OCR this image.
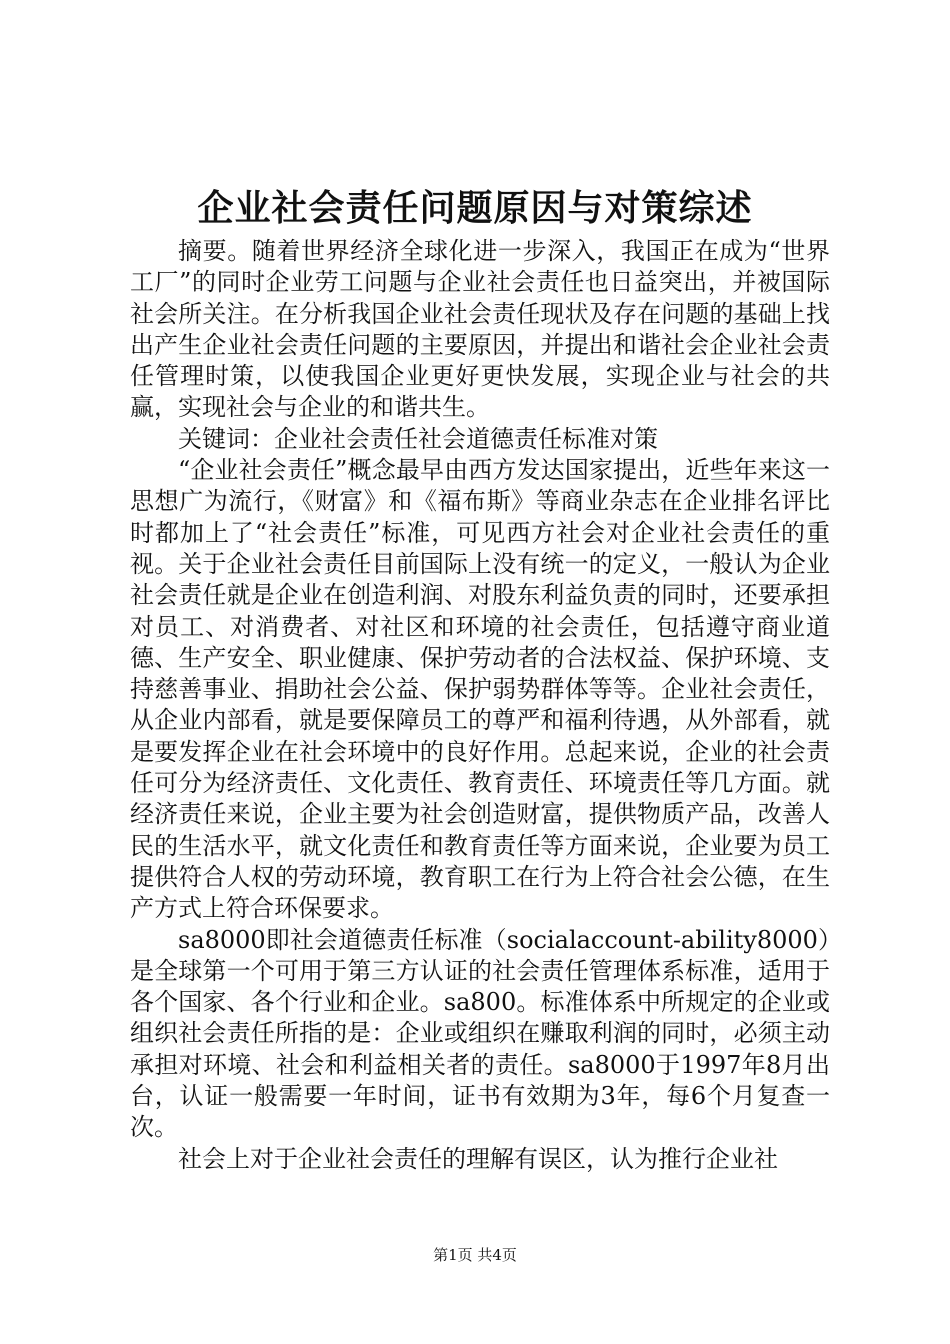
企业社会责任问题原因与对策综述

摘要。随着世界经济全球化进一步深入，我国正在成为“世界工厂”的同时企业劳工问题与企业社会责任也日益突出，并被国际社会所关注。在分析我国企业社会责任现状及存在问题的基础上找出产生企业社会责任问题的主要原因，并提出和谐社会企业社会责任管理时策，以使我国企业更好更快发展，实现企业与社会的共赢，实现社会与企业的和谐共生。

关键词：企业社会责任社会道德责任标准对策

“企业社会责任”概念最早由西方发达国家提出，近些年来这一思想广为流行，《财富》和《福布斯》等商业杂志在企业排名评比时都加上了“社会责任”标准，可见西方社会对企业社会责任的重视。关于企业社会责任目前国际上没有统一的定义，一般认为企业社会责任就是企业在创造利润、对股东利益负责的同时，还要承担对员工、对消费者、对社区和环境的社会责任，包括遵守商业道德、生产安全、职业健康、保护劳动者的合法权益、保护环境、支持慈善事业、捐助社会公益、保护弱势群体等等。企业社会责任，从企业内部看，就是要保障员工的尊严和福利待遇，从外部看，就是要发挥企业在社会环境中的良好作用。总起来说，企业的社会责任可分为经济责任、文化责任、教育责任、环境责任等几方面。就经济责任来说，企业主要为社会创造财富，提供物质产品，改善人民的生活水平，就文化责任和教育责任等方面来说，企业要为员工提供符合人权的劳动环境，教育职工在行为上符合社会公德，在生产方式上符合环保要求。

sa8000即社会道德责任标准（socialaccount-ability8000）是全球第一个可用于第三方认证的社会责任管理体系标准，适用于各个国家、各个行业和企业。sa800。标准体系中所规定的企业或组织社会责任所指的是：企业或组织在赚取利润的同时，必须主动承担对环境、社会和利益相关者的责任。sa8000于1997年8月出台，认证一般需要一年时间，证书有效期为3年，每6个月复查一次。

社会上对于企业社会责任的理解有误区，认为推行企业社

第1页 共4页
